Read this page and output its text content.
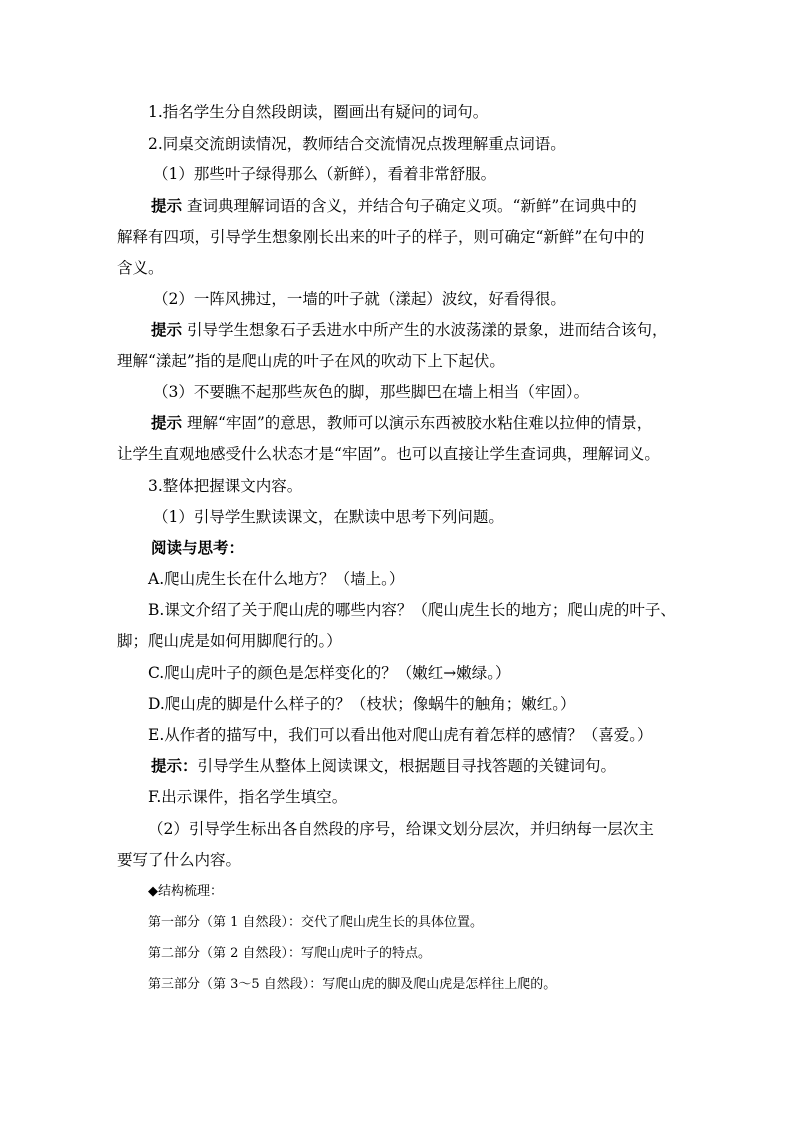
1.指名学生分自然段朗读，圈画出有疑问的词句。
2.同桌交流朗读情况，教师结合交流情况点拨理解重点词语。
（1）那些叶子绿得那么（新鲜），看着非常舒服。
提示 查词典理解词语的含义，并结合句子确定义项。“新鲜”在词典中的
解释有四项，引导学生想象刚长出来的叶子的样子，则可确定“新鲜”在句中的
含义。
（2）一阵风拂过，一墙的叶子就（漾起）波纹，好看得很。
提示 引导学生想象石子丢进水中所产生的水波荡漾的景象，进而结合该句，
理解“漾起”指的是爬山虎的叶子在风的吹动下上下起伏。
（3）不要瞧不起那些灰色的脚，那些脚巴在墙上相当（牢固）。
提示 理解“牢固”的意思，教师可以演示东西被胶水粘住难以拉伸的情景，
让学生直观地感受什么状态才是“牢固”。也可以直接让学生查词典，理解词义。
3.整体把握课文内容。
（1）引导学生默读课文，在默读中思考下列问题。
阅读与思考：
A.爬山虎生长在什么地方？（墙上。）
B.课文介绍了关于爬山虎的哪些内容？（爬山虎生长的地方；爬山虎的叶子、
脚；爬山虎是如何用脚爬行的。）
C.爬山虎叶子的颜色是怎样变化的？（嫩红→嫩绿。）
D.爬山虎的脚是什么样子的？（枝状；像蜗牛的触角；嫩红。）
E.从作者的描写中，我们可以看出他对爬山虎有着怎样的感情？（喜爱。）
提示：引导学生从整体上阅读课文，根据题目寻找答题的关键词句。
F.出示课件，指名学生填空。
（2）引导学生标出各自然段的序号，给课文划分层次，并归纳每一层次主
要写了什么内容。
◆结构梳理：
第一部分（第 1 自然段）：交代了爬山虎生长的具体位置。
第二部分（第 2 自然段）：写爬山虎叶子的特点。
第三部分（第 3～5 自然段）：写爬山虎的脚及爬山虎是怎样往上爬的。
